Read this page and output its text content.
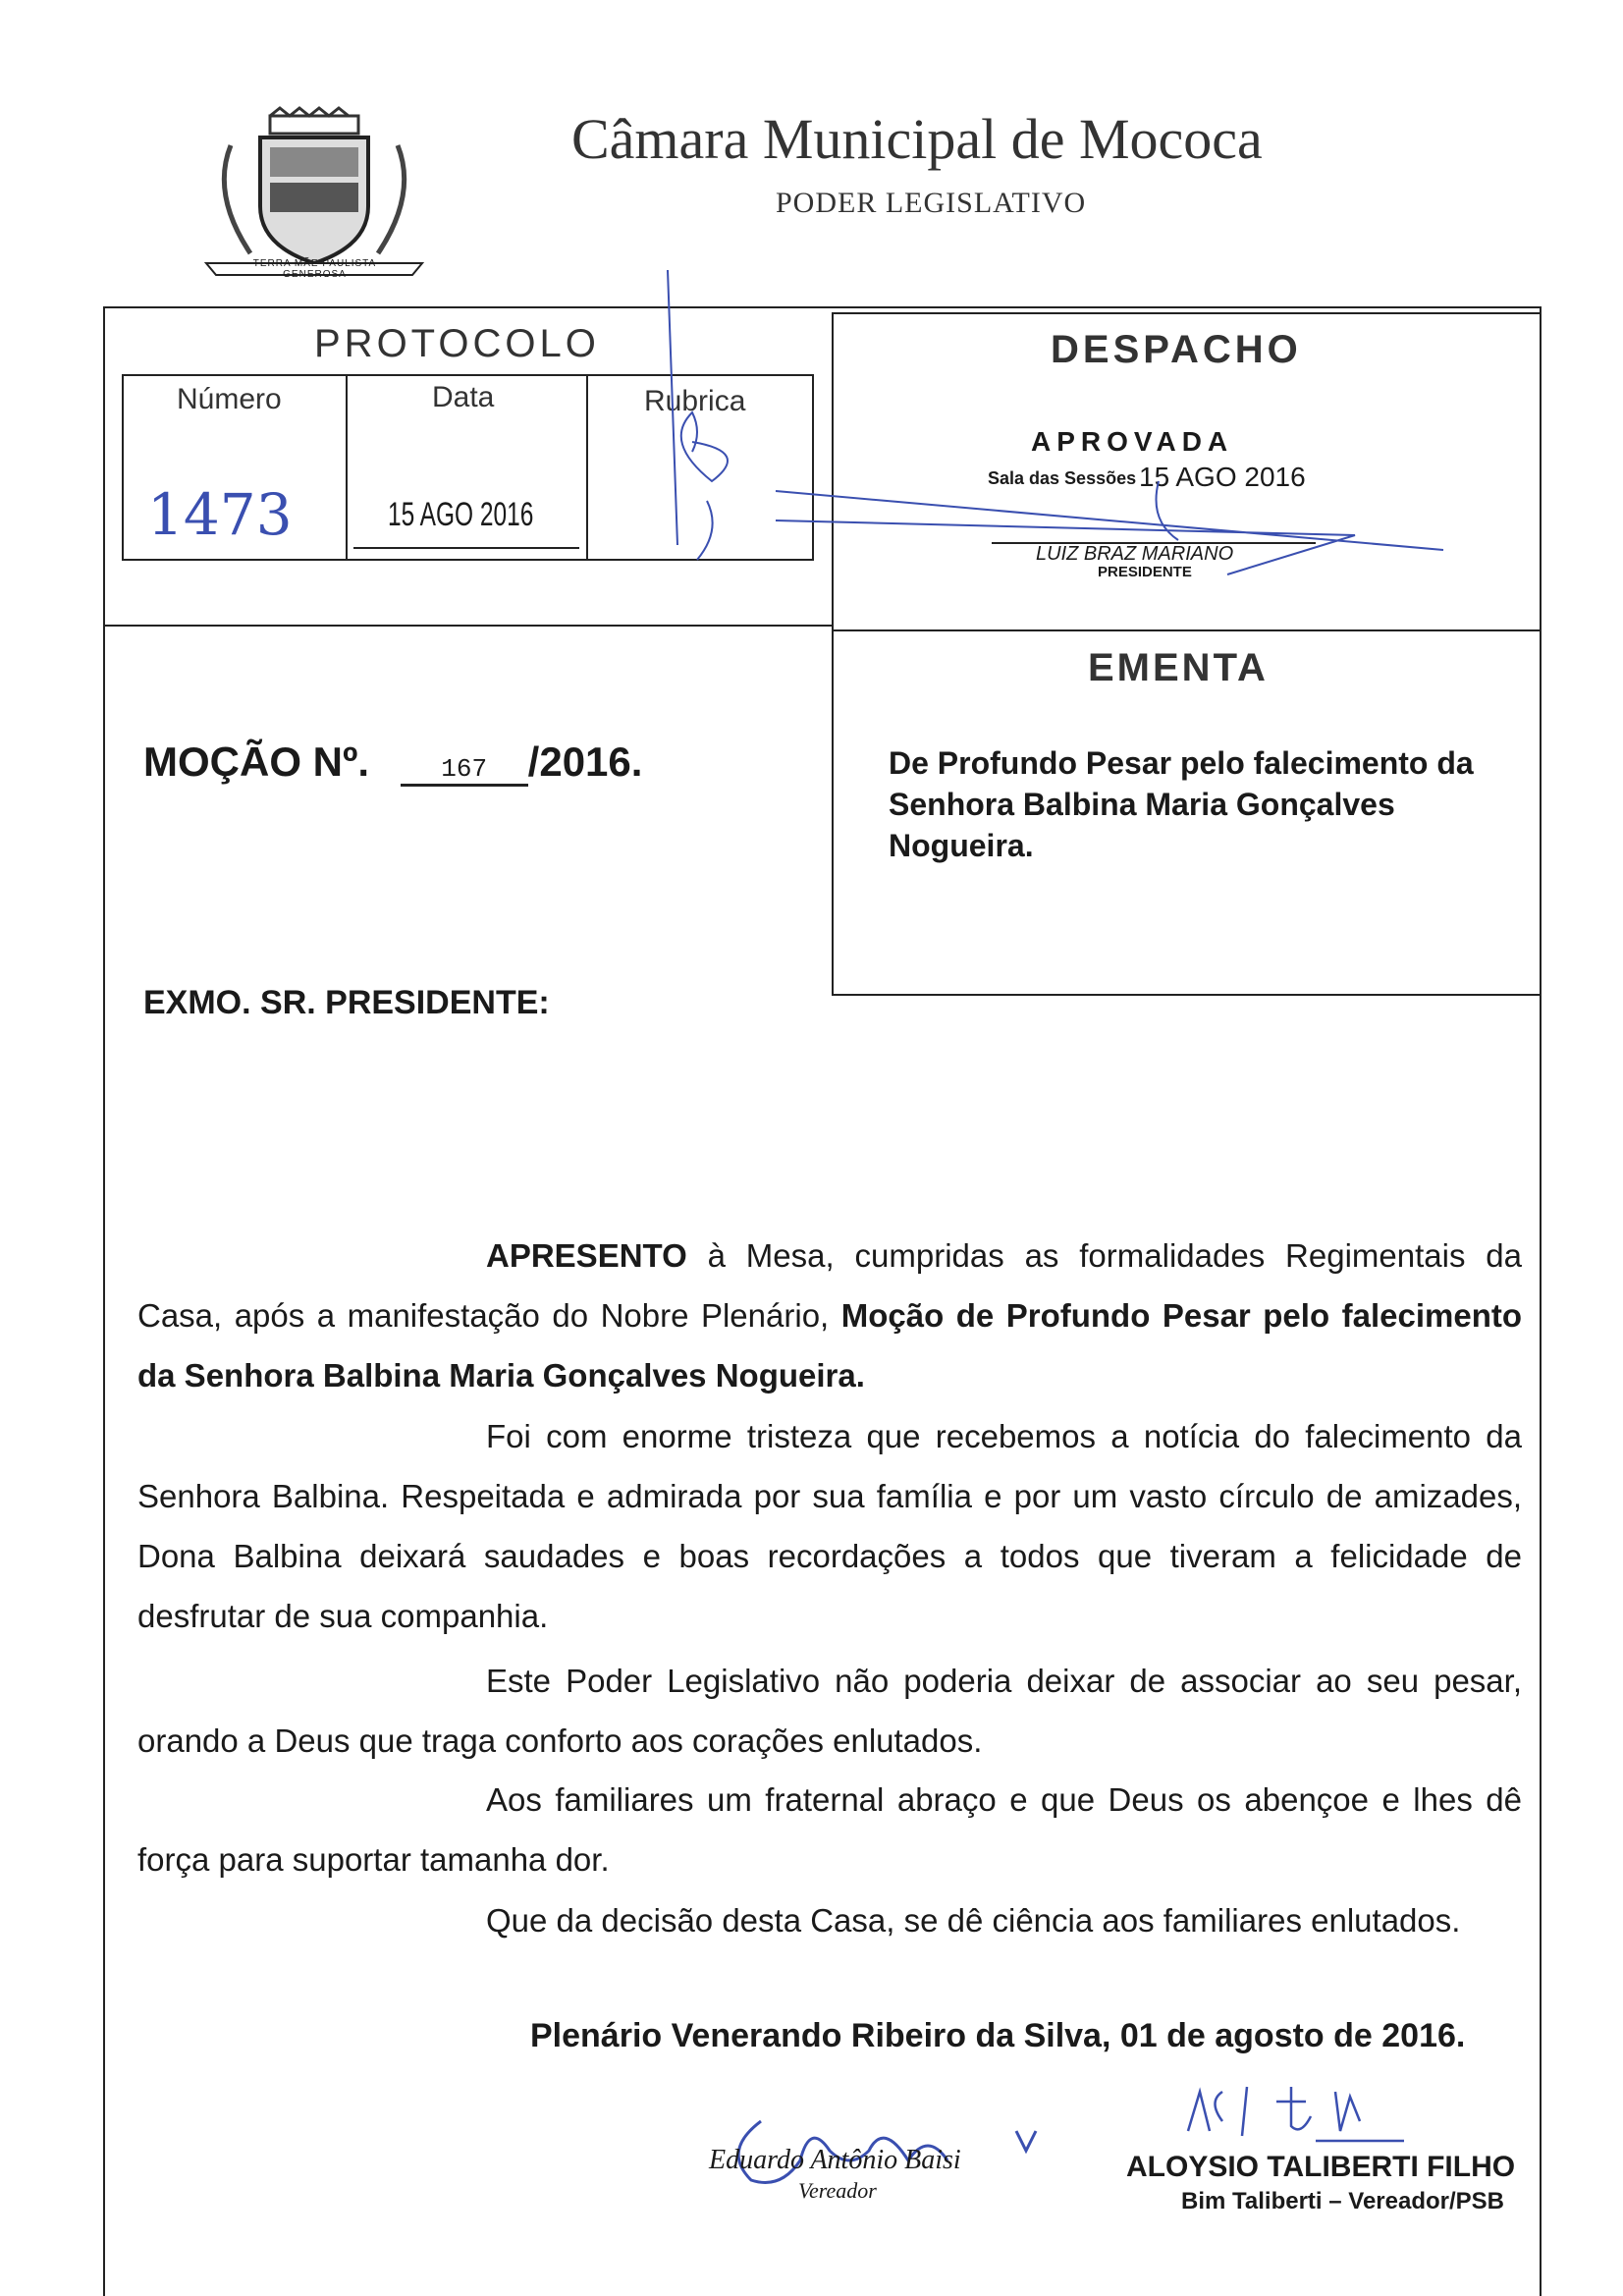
TERRA MÃE PAULISTA GENEROSA
Câmara Municipal de Mococa
PODER LEGISLATIVO
PROTOCOLO
Número	Data	Rubrica
1473	15 AGO 2016
DESPACHO
APROVADA
Sala das Sessões 15 AGO 2016
LUIZ BRAZ MARIANO
PRESIDENTE
EMENTA
De Profundo Pesar pelo falecimento da Senhora Balbina Maria Gonçalves Nogueira.
MOÇÃO Nº.	167 /2016.
EXMO. SR. PRESIDENTE:
APRESENTO à Mesa, cumpridas as formalidades Regimentais da Casa, após a manifestação do Nobre Plenário, Moção de Profundo Pesar pelo falecimento da Senhora Balbina Maria Gonçalves Nogueira.
Foi com enorme tristeza que recebemos a notícia do falecimento da Senhora Balbina. Respeitada e admirada por sua família e por um vasto círculo de amizades, Dona Balbina deixará saudades e boas recordações a todos que tiveram a felicidade de desfrutar de sua companhia.
Este Poder Legislativo não poderia deixar de associar ao seu pesar, orando a Deus que traga conforto aos corações enlutados.
Aos familiares um fraternal abraço e que Deus os abençoe e lhes dê força para suportar tamanha dor.
Que da decisão desta Casa, se dê ciência aos familiares enlutados.
Plenário Venerando Ribeiro da Silva, 01 de agosto de 2016.
Eduardo Antônio Baisi
Vereador
ALOYSIO TALIBERTI FILHO
Bim Taliberti – Vereador/PSB
